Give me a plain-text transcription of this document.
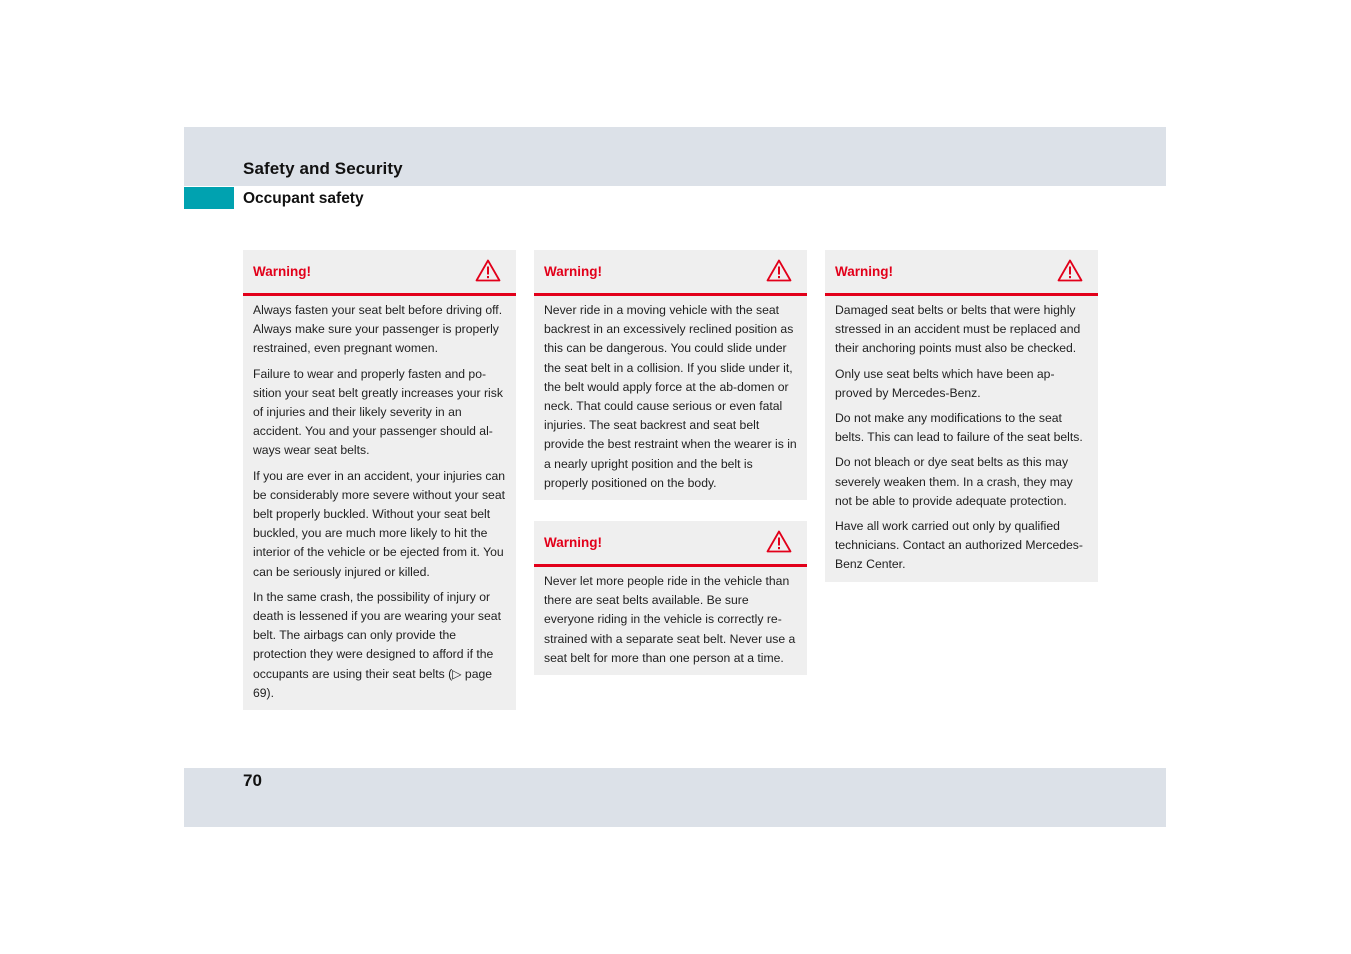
Safety and Security
Occupant safety
Warning!

Always fasten your seat belt before driving off. Always make sure your passenger is properly restrained, even pregnant women.

Failure to wear and properly fasten and po-sition your seat belt greatly increases your risk of injuries and their likely severity in an accident. You and your passenger should al-ways wear seat belts.

If you are ever in an accident, your injuries can be considerably more severe without your seat belt properly buckled. Without your seat belt buckled, you are much more likely to hit the interior of the vehicle or be ejected from it. You can be seriously injured or killed.

In the same crash, the possibility of injury or death is lessened if you are wearing your seat belt. The airbags can only provide the protection they were designed to afford if the occupants are using their seat belts (▷ page 69).

Warning!

Never ride in a moving vehicle with the seat backrest in an excessively reclined position as this can be dangerous. You could slide under the seat belt in a collision. If you slide under it, the belt would apply force at the ab-domen or neck. That could cause serious or even fatal injuries. The seat backrest and seat belt provide the best restraint when the wearer is in a nearly upright position and the belt is properly positioned on the body.

Warning!

Never let more people ride in the vehicle than there are seat belts available. Be sure everyone riding in the vehicle is correctly re-strained with a separate seat belt. Never use a seat belt for more than one person at a time.

Warning!

Damaged seat belts or belts that were highly stressed in an accident must be replaced and their anchoring points must also be checked.

Only use seat belts which have been ap-proved by Mercedes-Benz.

Do not make any modifications to the seat belts. This can lead to failure of the seat belts.

Do not bleach or dye seat belts as this may severely weaken them. In a crash, they may not be able to provide adequate protection.

Have all work carried out only by qualified technicians. Contact an authorized Mercedes-Benz Center.

70
